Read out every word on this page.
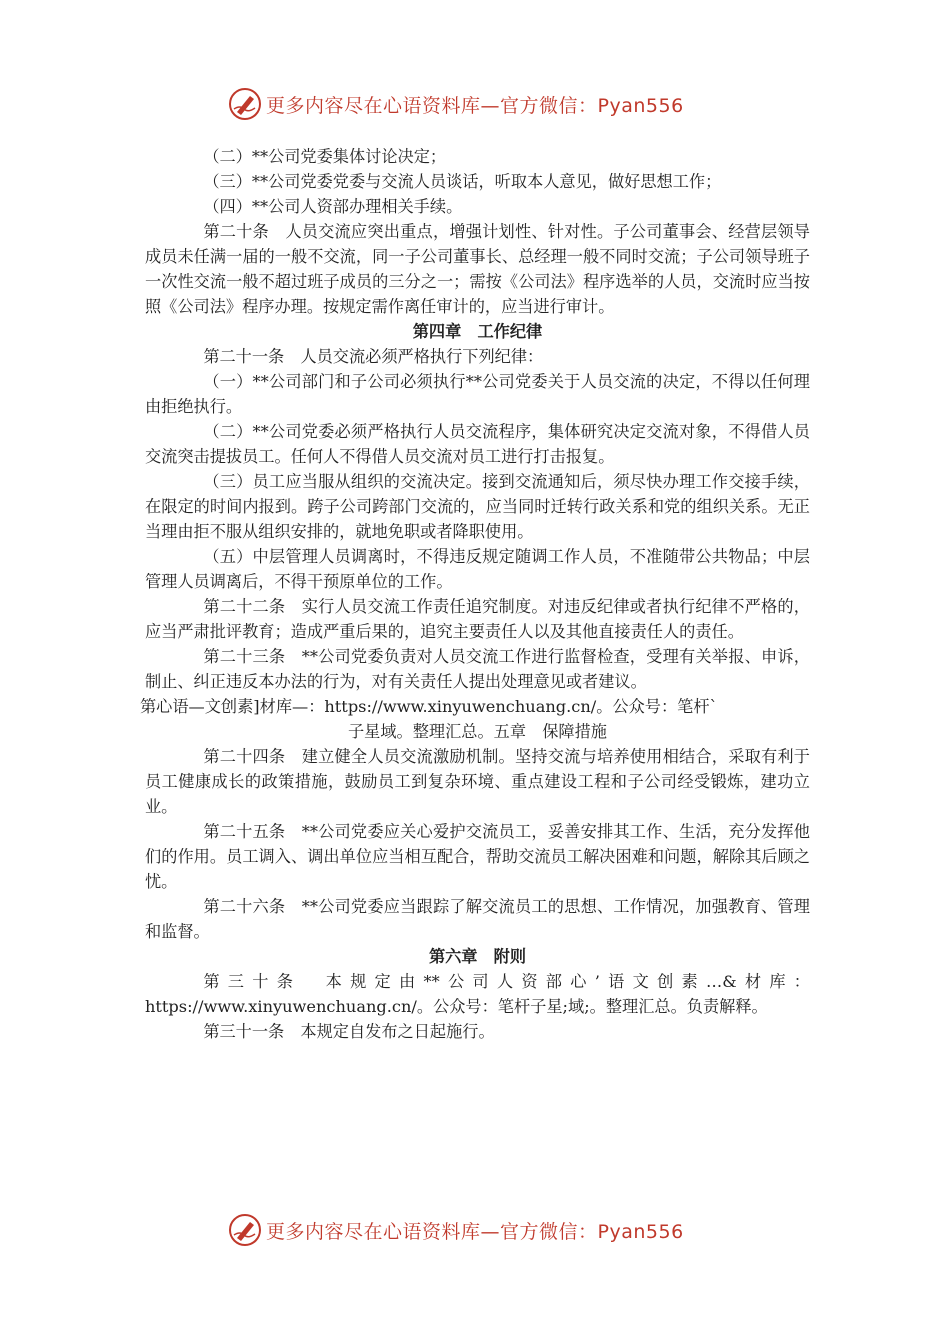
更多内容尽在心语资料库—官方微信：Pyan556

（二）**公司党委集体讨论决定；

（三）**公司党委党委与交流人员谈话，听取本人意见，做好思想工作；

（四）**公司人资部办理相关手续。

第二十条　人员交流应突出重点，增强计划性、针对性。子公司董事会、经营层领导成员未任满一届的一般不交流，同一子公司董事长、总经理一般不同时交流；子公司领导班子一次性交流一般不超过班子成员的三分之一；需按《公司法》程序选举的人员，交流时应当按照《公司法》程序办理。按规定需作离任审计的，应当进行审计。

第四章　工作纪律

第二十一条　人员交流必须严格执行下列纪律：

（一）**公司部门和子公司必须执行**公司党委关于人员交流的决定，不得以任何理由拒绝执行。

（二）**公司党委必须严格执行人员交流程序，集体研究决定交流对象，不得借人员交流突击提拔员工。任何人不得借人员交流对员工进行打击报复。

（三）员工应当服从组织的交流决定。接到交流通知后，须尽快办理工作交接手续，在限定的时间内报到。跨子公司跨部门交流的，应当同时迁转行政关系和党的组织关系。无正当理由拒不服从组织安排的，就地免职或者降职使用。

（五）中层管理人员调离时，不得违反规定随调工作人员，不准随带公共物品；中层管理人员调离后，不得干预原单位的工作。

第二十二条　实行人员交流工作责任追究制度。对违反纪律或者执行纪律不严格的，应当严肃批评教育；造成严重后果的，追究主要责任人以及其他直接责任人的责任。

第二十三条　**公司党委负责对人员交流工作进行监督检查，受理有关举报、申诉，制止、纠正违反本办法的行为，对有关责任人提出处理意见或者建议。

第心语—文创素]材库—：https://www.xinyuwenchuang.cn/。公众号：笔杆`

子星域。整理汇总。五章　保障措施

第二十四条　建立健全人员交流激励机制。坚持交流与培养使用相结合，采取有利于员工健康成长的政策措施，鼓励员工到复杂环境、重点建设工程和子公司经受锻炼，建功立业。

第二十五条　**公司党委应关心爱护交流员工，妥善安排其工作、生活，充分发挥他们的作用。员工调入、调出单位应当相互配合，帮助交流员工解决困难和问题，解除其后顾之忧。

第二十六条　**公司党委应当跟踪了解交流员工的思想、工作情况，加强教育、管理和监督。

第六章　附则

第三十条　本规定由**公司人资部心’语文创素…&材库：https://www.xinyuwenchuang.cn/。公众号：笔杆子星;域;。整理汇总。负责解释。

第三十一条　本规定自发布之日起施行。

更多内容尽在心语资料库—官方微信：Pyan556
